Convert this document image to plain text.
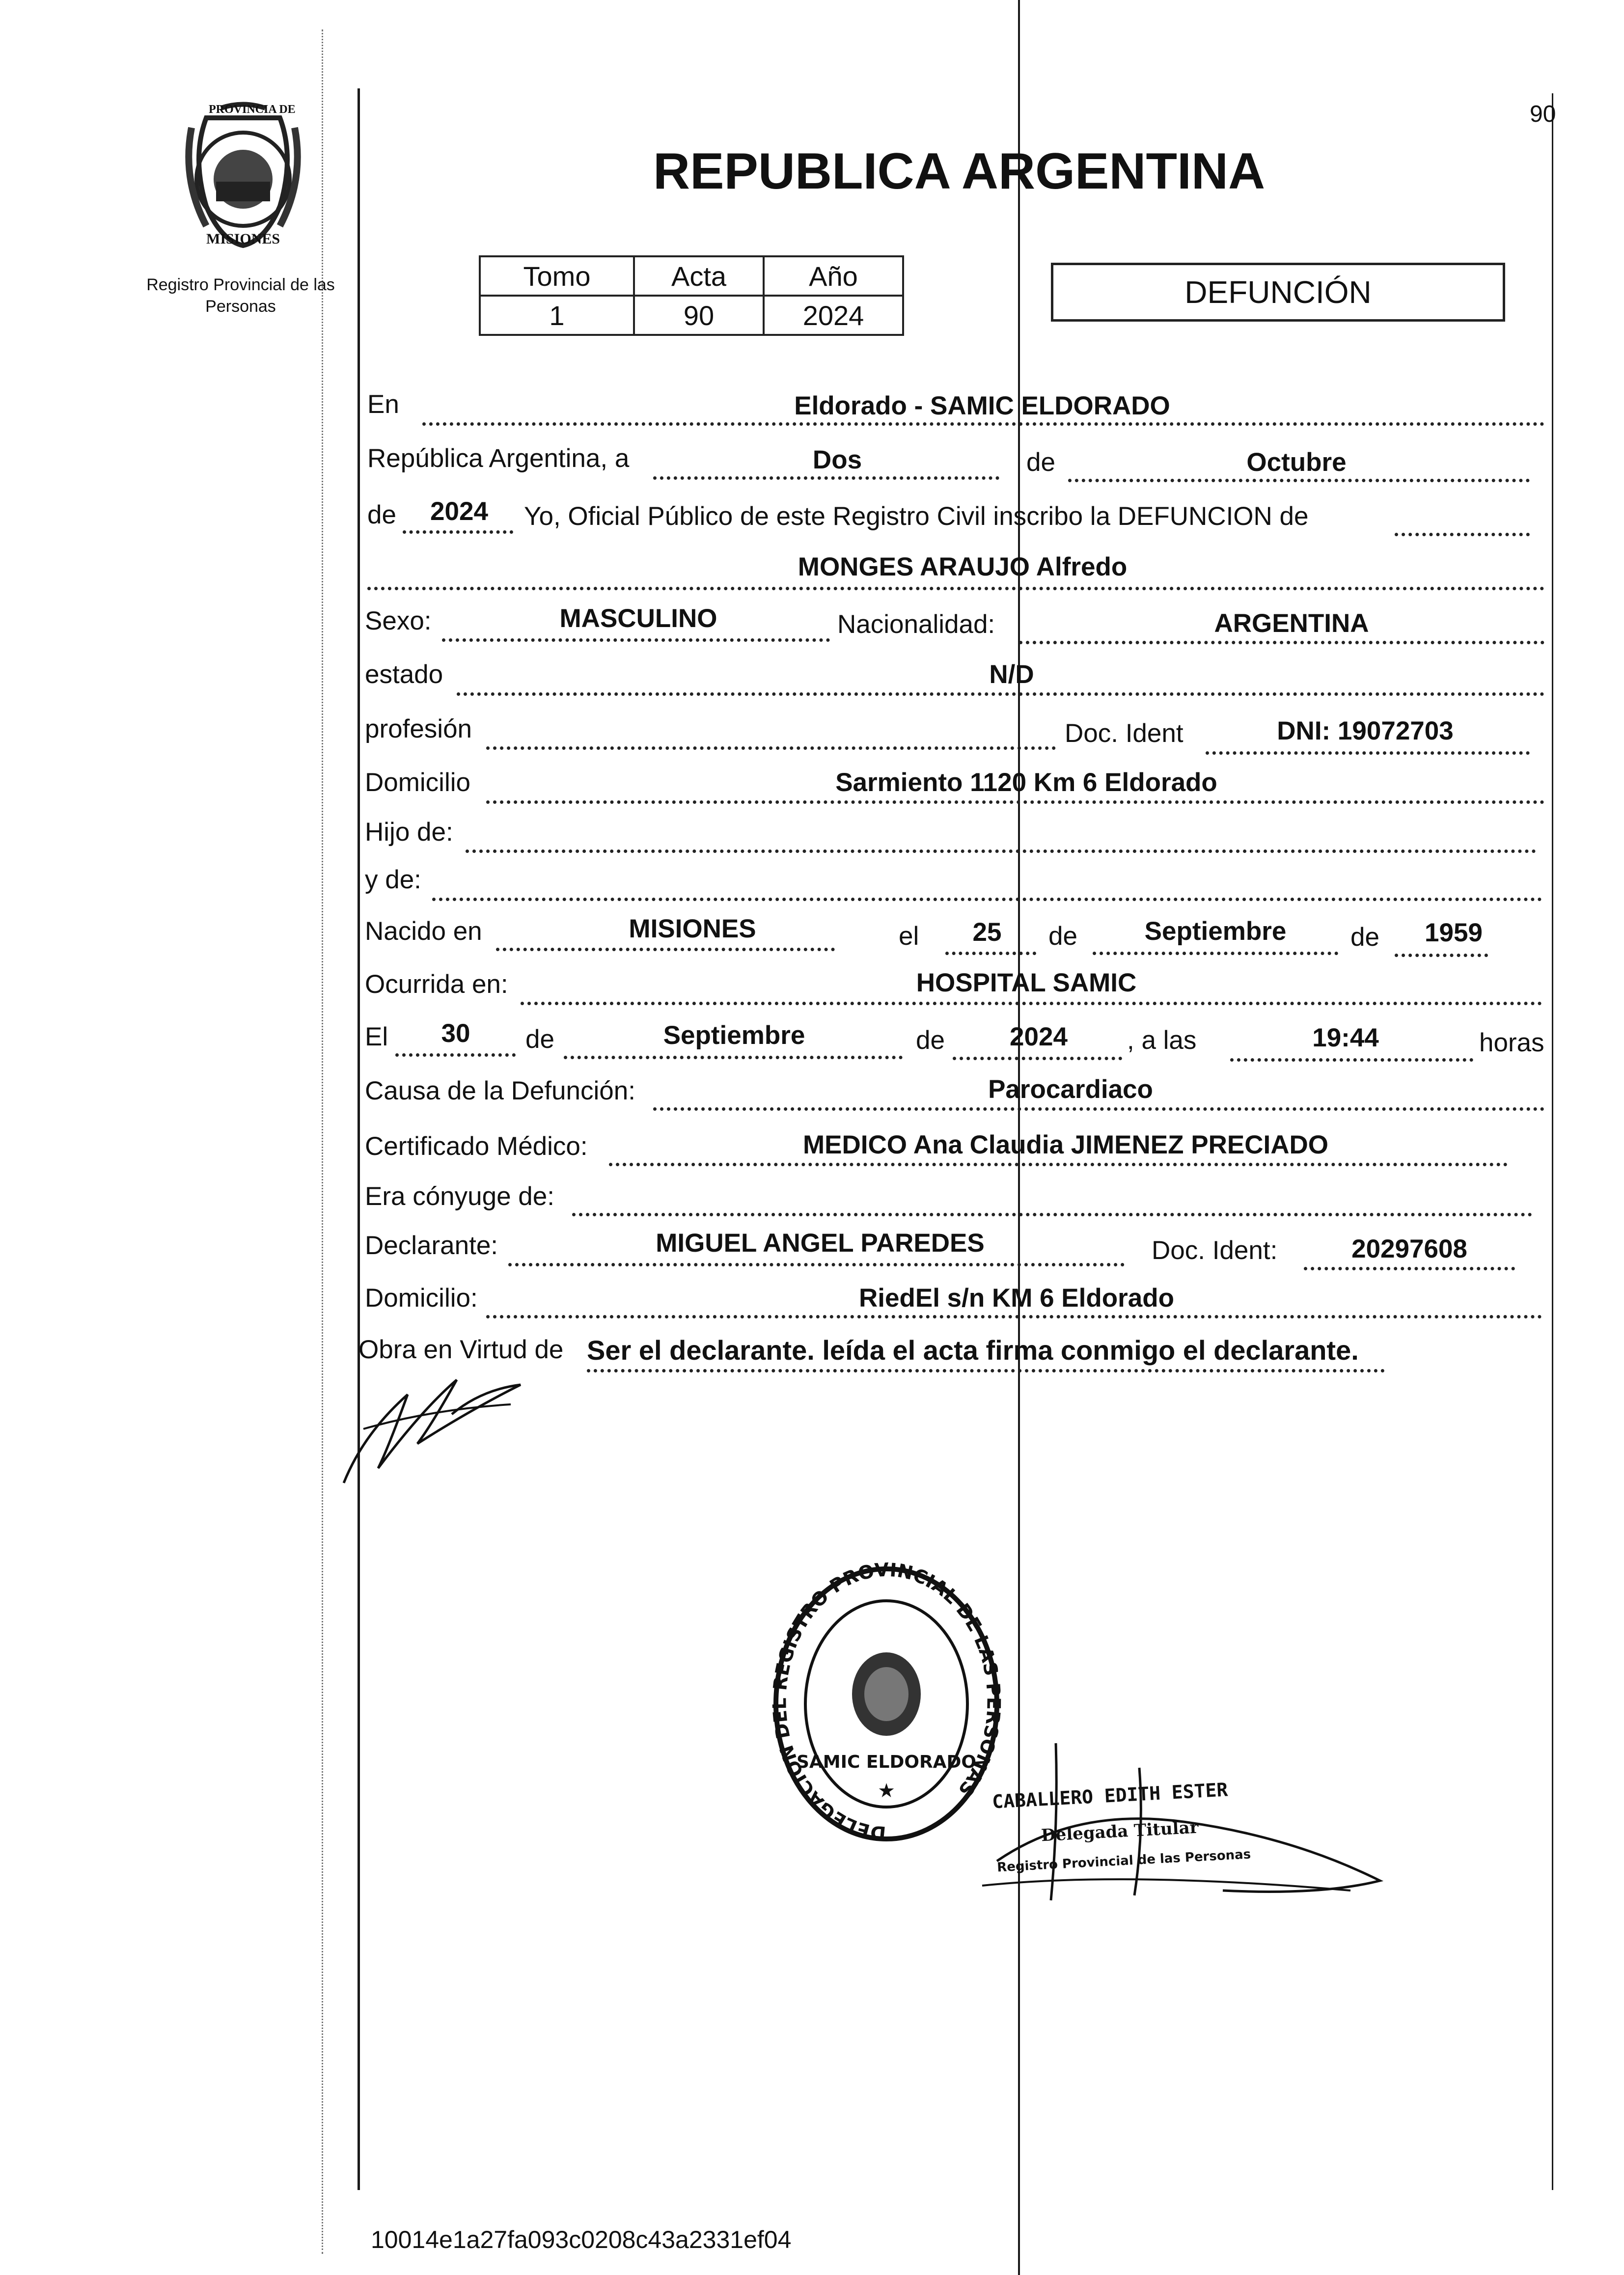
PROVINCIA DE
MISIONES
Registro Provincial de las Personas
90
REPUBLICA ARGENTINA
Tomo	Acta	Año
1	90	2024
DEFUNCIÓN
En	Eldorado - SAMIC ELDORADO
República Argentina, a	Dos	de	Octubre
de 2024 Yo, Oficial Público de este Registro Civil inscribo la DEFUNCION de
MONGES ARAUJO Alfredo
Sexo:	MASCULINO	Nacionalidad:	ARGENTINA
estado	N/D
profesión	Doc. Ident	DNI: 19072703
Domicilio	Sarmiento 1120 Km 6 Eldorado
Hijo de:
y de:
Nacido en	MISIONES	el 25 de	Septiembre de 1959
Ocurrida en:	HOSPITAL SAMIC
El 30 de	Septiembre	de 2024 , a las	19:44	horas
Causa de la Defunción:	Parocardiaco
Certificado Médico:	MEDICO Ana Claudia JIMENEZ PRECIADO
Era cónyuge de:
Declarante:	MIGUEL ANGEL PAREDES	Doc. Ident:	20297608
Domicilio:	RiedEl s/n KM 6 Eldorado
Obra en Virtud de Ser el declarante. leída el acta firma conmigo el declarante.
DELEGACION DE REGISTRO PROVINCIAL DE LAS SONAS
SAMIC ELDORADO
★	CABALLERO EDITH ESTER
Delegada Titular
Registro Provincial de las Personas
10014e1a27fa093c0208c43a2331ef04
